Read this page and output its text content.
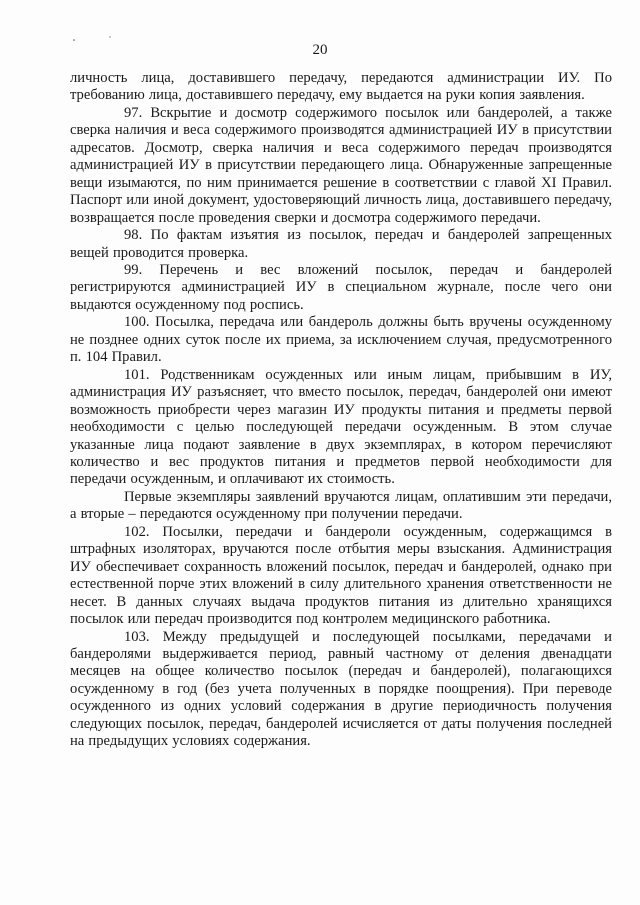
20

личность лица, доставившего передачу, передаются администрации ИУ. По требованию лица, доставившего передачу, ему выдается на руки копия заявления.

97. Вскрытие и досмотр содержимого посылок или бандеролей, а также сверка наличия и веса содержимого производятся администрацией ИУ в присутствии адресатов. Досмотр, сверка наличия и веса содержимого передач производятся администрацией ИУ в присутствии передающего лица. Обнаруженные запрещенные вещи изымаются, по ним принимается решение в соответствии с главой XI Правил. Паспорт или иной документ, удостоверяющий личность лица, доставившего передачу, возвращается после проведения сверки и досмотра содержимого передачи.

98. По фактам изъятия из посылок, передач и бандеролей запрещенных вещей проводится проверка.

99. Перечень и вес вложений посылок, передач и бандеролей регистрируются администрацией ИУ в специальном журнале, после чего они выдаются осужденному под роспись.

100. Посылка, передача или бандероль должны быть вручены осужденному не позднее одних суток после их приема, за исключением случая, предусмотренного п. 104 Правил.

101. Родственникам осужденных или иным лицам, прибывшим в ИУ, администрация ИУ разъясняет, что вместо посылок, передач, бандеролей они имеют возможность приобрести через магазин ИУ продукты питания и предметы первой необходимости с целью последующей передачи осужденным. В этом случае указанные лица подают заявление в двух экземплярах, в котором перечисляют количество и вес продуктов питания и предметов первой необходимости для передачи осужденным, и оплачивают их стоимость.

Первые экземпляры заявлений вручаются лицам, оплатившим эти передачи, а вторые – передаются осужденному при получении передачи.

102. Посылки, передачи и бандероли осужденным, содержащимся в штрафных изоляторах, вручаются после отбытия меры взыскания. Администрация ИУ обеспечивает сохранность вложений посылок, передач и бандеролей, однако при естественной порче этих вложений в силу длительного хранения ответственности не несет. В данных случаях выдача продуктов питания из длительно хранящихся посылок или передач производится под контролем медицинского работника.

103. Между предыдущей и последующей посылками, передачами и бандеролями выдерживается период, равный частному от деления двенадцати месяцев на общее количество посылок (передач и бандеролей), полагающихся осужденному в год (без учета полученных в порядке поощрения). При переводе осужденного из одних условий содержания в другие периодичность получения следующих посылок, передач, бандеролей исчисляется от даты получения последней на предыдущих условиях содержания.
